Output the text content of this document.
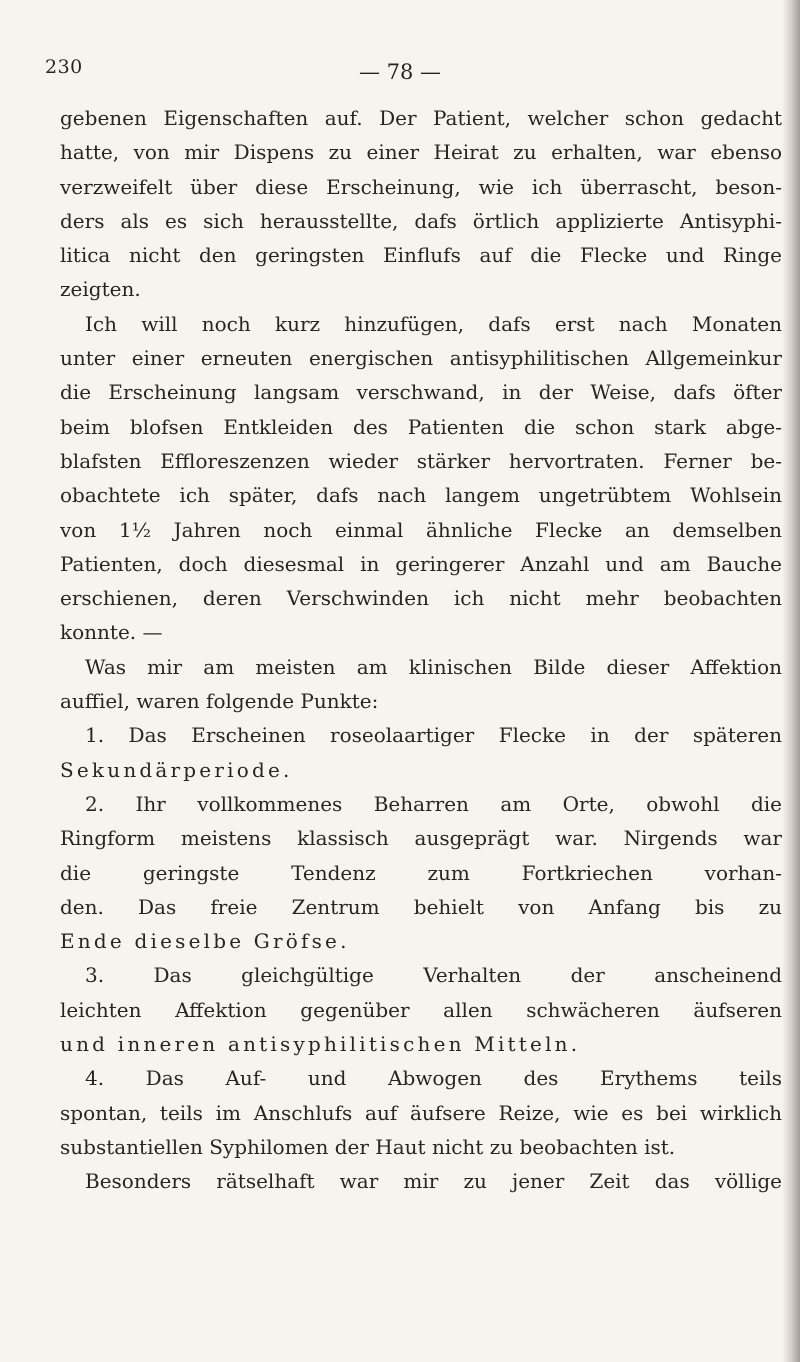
230	— 78 —
gebenen Eigenschaften auf. Der Patient, welcher schon gedacht
hatte, von mir Dispens zu einer Heirat zu erhalten, war ebenso
verzweifelt über diese Erscheinung, wie ich überrascht, beson-
ders als es sich herausstellte, dafs örtlich applizierte Antisyphi-
litica nicht den geringsten Einflufs auf die Flecke und Ringe
zeigten.
Ich will noch kurz hinzufügen, dafs erst nach Monaten
unter einer erneuten energischen antisyphilitischen Allgemeinkur
die Erscheinung langsam verschwand, in der Weise, dafs öfter
beim blofsen Entkleiden des Patienten die schon stark abge-
blafsten Effloreszenzen wieder stärker hervortraten. Ferner be-
obachtete ich später, dafs nach langem ungetrübtem Wohlsein
von 1½ Jahren noch einmal ähnliche Flecke an demselben
Patienten, doch diesesmal in geringerer Anzahl und am Bauche
erschienen, deren Verschwinden ich nicht mehr beobachten
konnte. —
Was mir am meisten am klinischen Bilde dieser Affektion
auffiel, waren folgende Punkte:
1. Das Erscheinen roseolaartiger Flecke in der späteren
Sekundärperiode.
2. Ihr vollkommenes Beharren am Orte, obwohl die
Ringform meistens klassisch ausgeprägt war. Nirgends war
die geringste Tendenz zum Fortkriechen vorhan-
den. Das freie Zentrum behielt von Anfang bis zu
Ende dieselbe Gröfse.
3. Das gleichgültige Verhalten der anscheinend
leichten Affektion gegenüber allen schwächeren äufseren
und inneren antisyphilitischen Mitteln.
4. Das Auf- und Abwogen des Erythems teils
spontan, teils im Anschlufs auf äufsere Reize, wie es bei wirklich
substantiellen Syphilomen der Haut nicht zu beobachten ist.
Besonders rätselhaft war mir zu jener Zeit das völlige
